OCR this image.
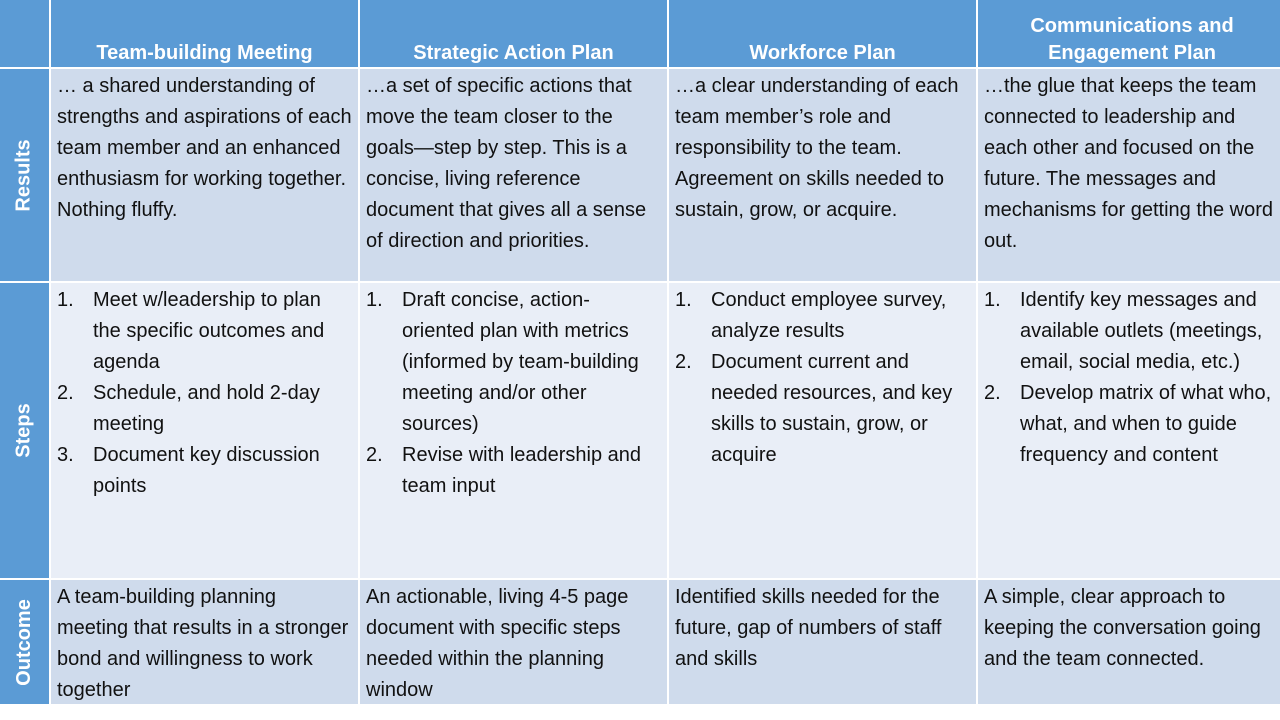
Team-building Meeting	Strategic Action Plan	Workforce Plan
Communications and Engagement Plan
Results
… a shared understanding of strengths and aspirations of each team member and an enhanced enthusiasm for working together. Nothing fluffy.
…a set of specific actions that move the team closer to the goals—step by step. This is a concise, living reference document that gives all a sense of direction and priorities.
…a clear understanding of each team member’s role and responsibility to the team. Agreement on skills needed to sustain, grow, or acquire.
…the glue that keeps the team connected to leadership and each other and focused on the future. The messages and mechanisms for getting the word out.
Steps
1. Meet w/leadership to plan the specific outcomes and agenda
2. Schedule, and hold 2-day meeting
3. Document key discussion points
1. Draft concise, action-oriented plan with metrics (informed by team-building meeting and/or other sources)
2. Revise with leadership and team input
1. Conduct employee survey, analyze results
2. Document current and needed resources, and key skills to sustain, grow, or acquire
1. Identify key messages and available outlets (meetings, email, social media, etc.)
2. Develop matrix of what who, what, and when to guide frequency and content
Outcome
A team-building planning meeting that results in a stronger bond and willingness to work together
An actionable, living 4-5 page document with specific steps needed within the planning window
Identified skills needed for the future, gap of numbers of staff and skills
A simple, clear approach to keeping the conversation going and the team connected.
